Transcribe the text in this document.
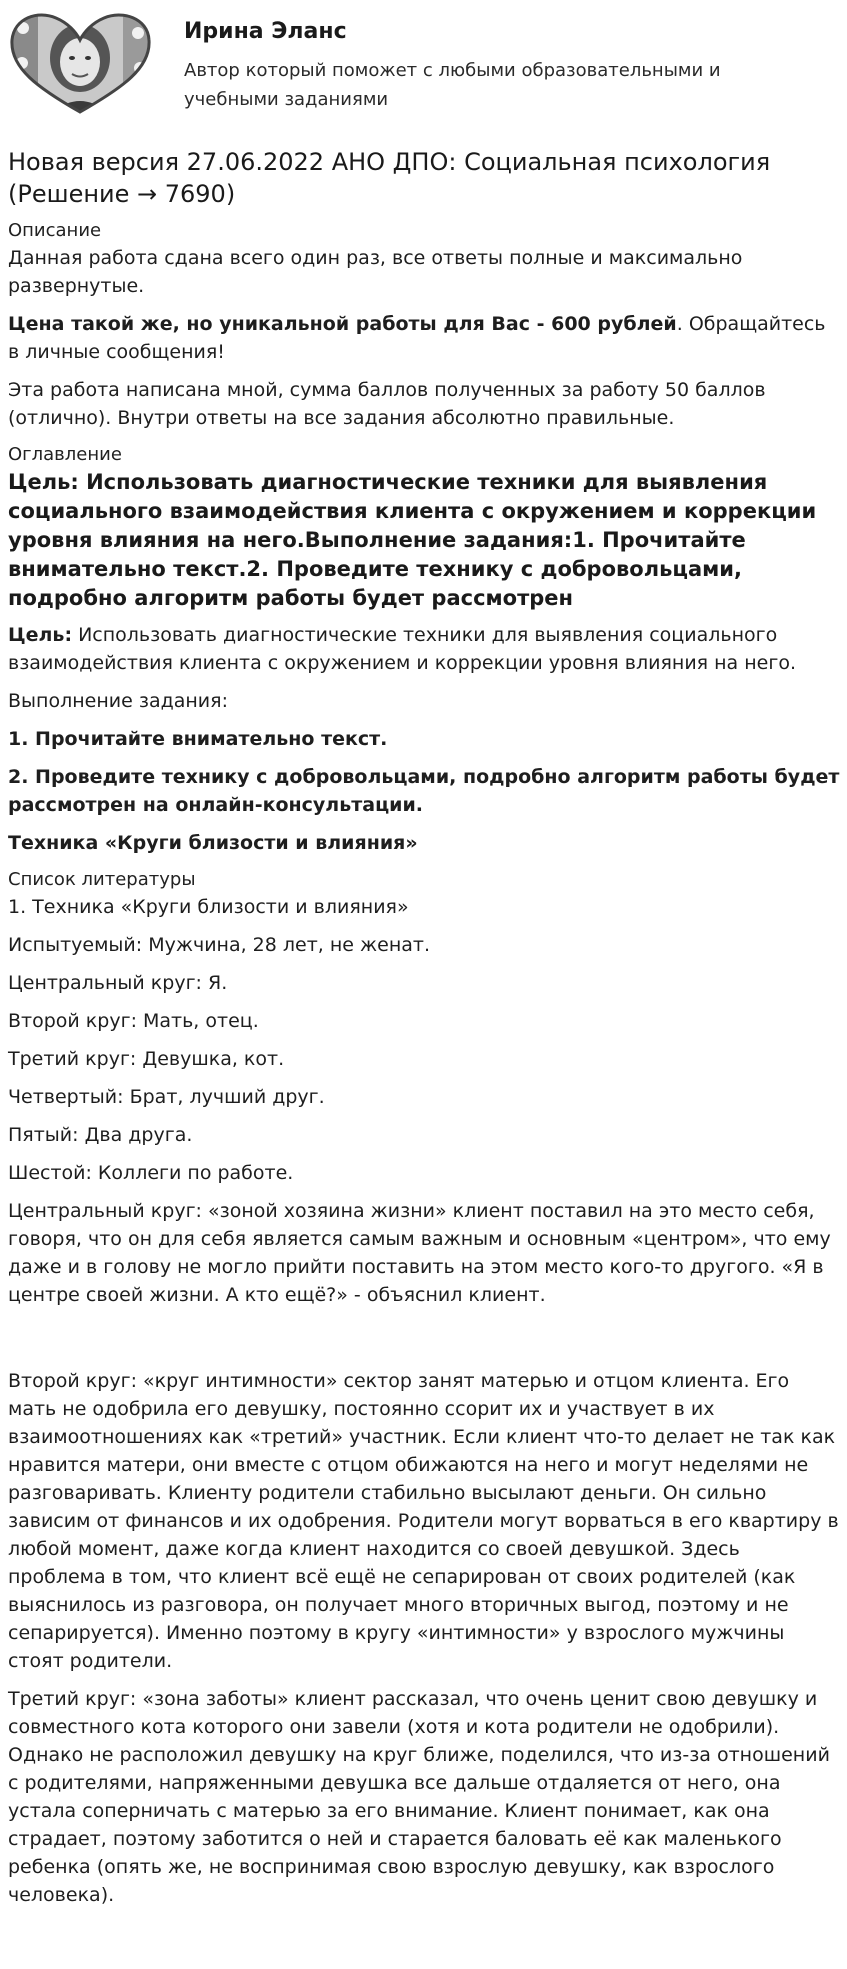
Ирина Эланс
Автор который поможет с любыми образовательными и учебными заданиями
Новая версия 27.06.2022 АНО ДПО: Социальная психология (Решение → 7690)
Описание

Данная работа сдана всего один раз, все ответы полные и максимально развернутые.

Цена такой же, но уникальной работы для Вас - 600 рублей. Обращайтесь в личные сообщения!

Эта работа написана мной, сумма баллов полученных за работу 50 баллов (отлично). Внутри ответы на все задания абсолютно правильные.

Оглавление
Цель: Использовать диагностические техники для выявления социального взаимодействия клиента с окружением и коррекции уровня влияния на него.Выполнение задания:1. Прочитайте внимательно текст.2. Проведите технику с добровольцами, подробно алгоритм работы будет рассмотрен

Цель: Использовать диагностические техники для выявления социального взаимодействия клиента с окружением и коррекции уровня влияния на него.

Выполнение задания:

1. Прочитайте внимательно текст.

2. Проведите технику с добровольцами, подробно алгоритм работы будет рассмотрен на онлайн-консультации.

Техника «Круги близости и влияния»

Список литературы

1. Техника «Круги близости и влияния»

Испытуемый: Мужчина, 28 лет, не женат.

Центральный круг: Я.

Второй круг: Мать, отец.

Третий круг: Девушка, кот.

Четвертый: Брат, лучший друг.

Пятый: Два друга.

Шестой: Коллеги по работе.

Центральный круг: «зоной хозяина жизни» клиент поставил на это место себя, говоря, что он для себя является самым важным и основным «центром», что ему даже и в голову не могло прийти поставить на этом место кого-то другого. «Я в центре своей жизни. А кто ещё?» - объяснил клиент.

Второй круг: «круг интимности» сектор занят матерью и отцом клиента. Его мать не одобрила его девушку, постоянно ссорит их и участвует в их взаимоотношениях как «третий» участник. Если клиент что-то делает не так как нравится матери, они вместе с отцом обижаются на него и могут неделями не разговаривать. Клиенту родители стабильно высылают деньги. Он сильно зависим от финансов и их одобрения. Родители могут ворваться в его квартиру в любой момент, даже когда клиент находится со своей девушкой. Здесь проблема в том, что клиент всё ещё не сепарирован от своих родителей (как выяснилось из разговора, он получает много вторичных выгод, поэтому и не сепарируется). Именно поэтому в кругу «интимности» у взрослого мужчины стоят родители.

Третий круг: «зона заботы» клиент рассказал, что очень ценит свою девушку и совместного кота которого они завели (хотя и кота родители не одобрили). Однако не расположил девушку на круг ближе, поделился, что из-за отношений с родителями, напряженными девушка все дальше отдаляется от него, она устала соперничать с матерью за его внимание. Клиент понимает, как она страдает, поэтому заботится о ней и старается баловать её как маленького ребенка (опять же, не воспринимая свою взрослую девушку, как взрослого человека).
